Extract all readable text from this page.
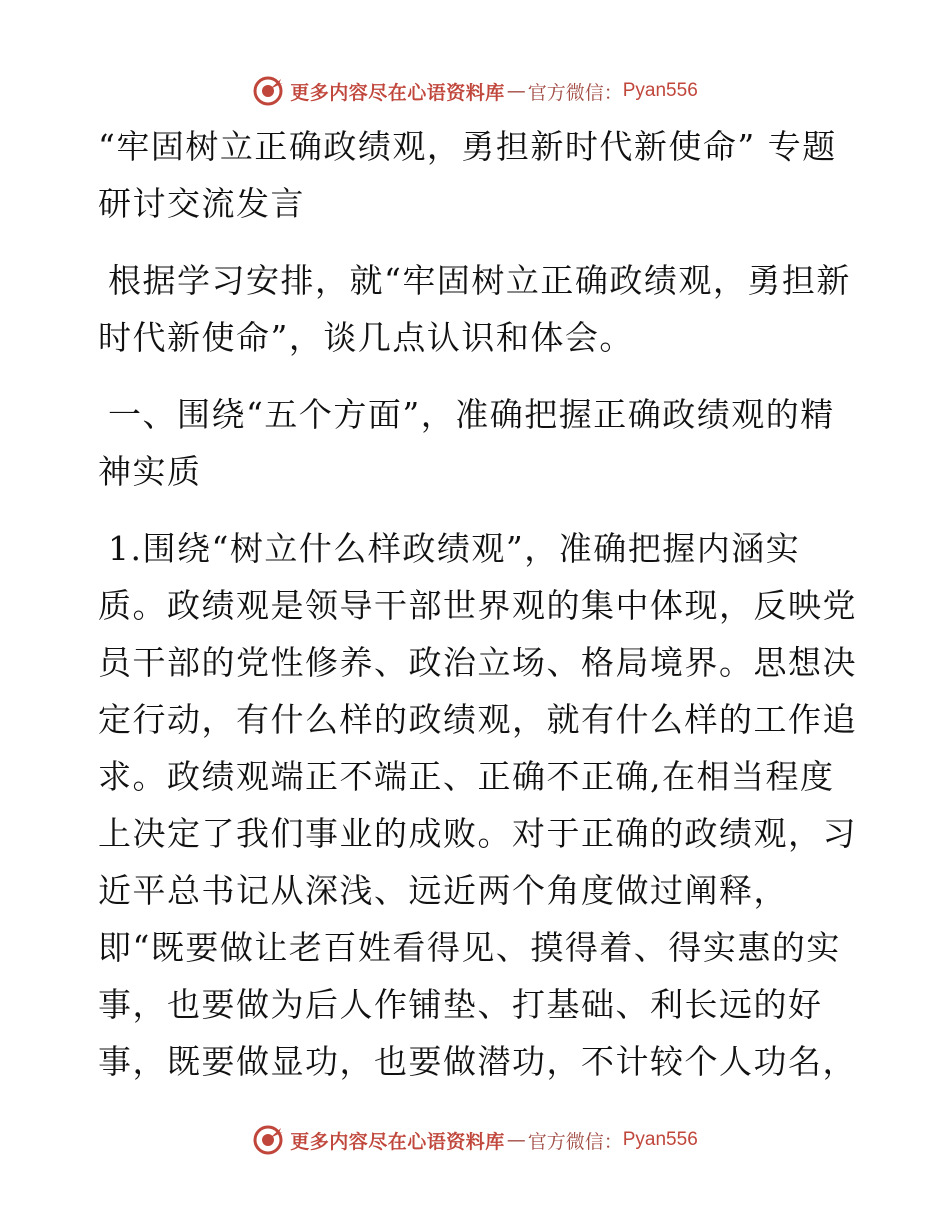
更多内容尽在心语资料库 — 官方微信： Pyan556

“牢固树立正确政绩观，勇担新时代新使命” 专题研讨交流发言

根据学习安排，就“牢固树立正确政绩观，勇担新时代新使命”，谈几点认识和体会。

一、围绕“五个方面”，准确把握正确政绩观的精神实质

1.围绕“树立什么样政绩观”，准确把握内涵实质。政绩观是领导干部世界观的集中体现，反映党员干部的党性修养、政治立场、格局境界。思想决定行动，有什么样的政绩观，就有什么样的工作追求。政绩观端正不端正、正确不正确,在相当程度上决定了我们事业的成败。对于正确的政绩观，习近平总书记从深浅、远近两个角度做过阐释，

即“既要做让老百姓看得见、摸得着、得实惠的实事，也要做为后人作铺垫、打基础、利长远的好事，既要做显功，也要做潜功，不计较个人功名，

更多内容尽在心语资料库 — 官方微信： Pyan556
